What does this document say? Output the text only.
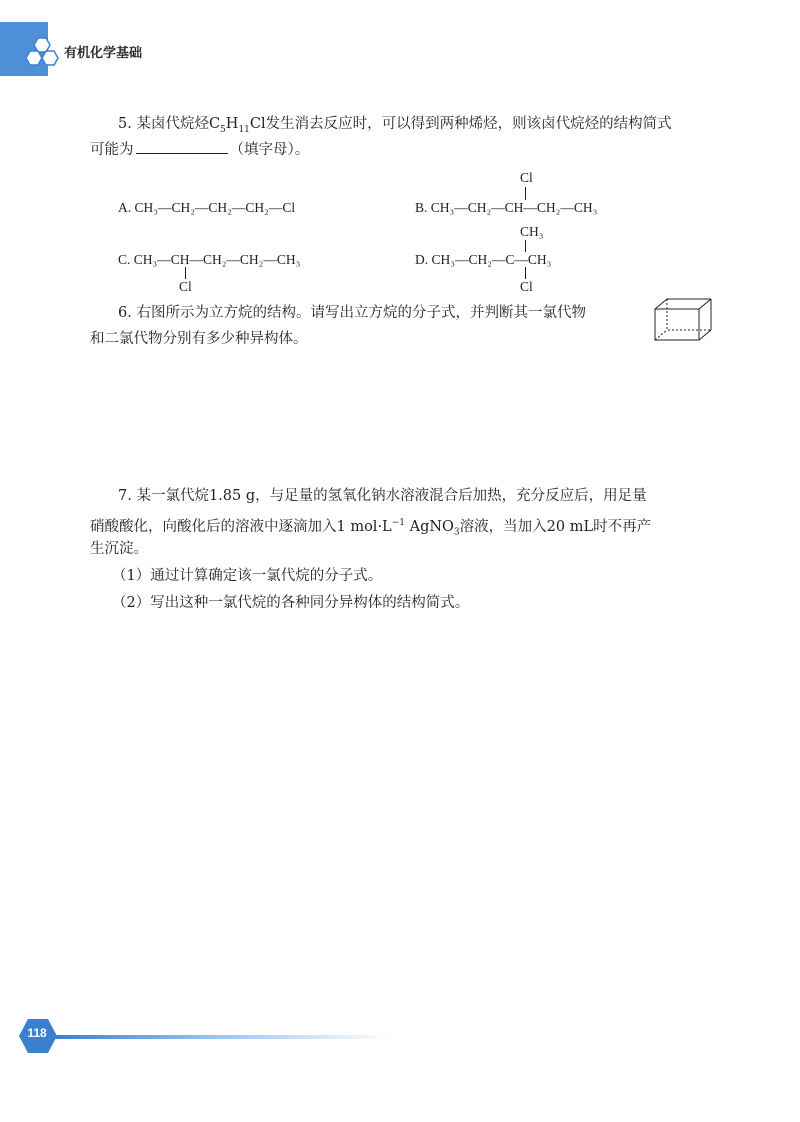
有机化学基础
5. 某卤代烷烃$C_5H_{11}Cl$发生消去反应时，可以得到两种烯烃，则该卤代烷烃的结构简式
可能为	（填字母）。
A. CH₃—CH₂—CH₂—CH₂—Cl
Cl
B. CH₃—CH₂—CH—CH₂—CH₃
C. CH₃—CH—CH₂—CH₂—CH₃
Cl
CH₃
D. CH₃—CH₂—C—CH₃
Cl
6. 右图所示为立方烷的结构。请写出立方烷的分子式，并判断其一氯代物
和二氯代物分别有多少种异构体。
7. 某一氯代烷1.85 g，与足量的氢氧化钠水溶液混合后加热，充分反应后，用足量
硝酸酸化，向酸化后的溶液中逐滴加入1 $mol\cdot L^{-1}$ AgNO$_3$溶液，当加入20 mL时不再产
生沉淀。
（1）通过计算确定该一氯代烷的分子式。
（2）写出这种一氯代烷的各种同分异构体的结构简式。
118
